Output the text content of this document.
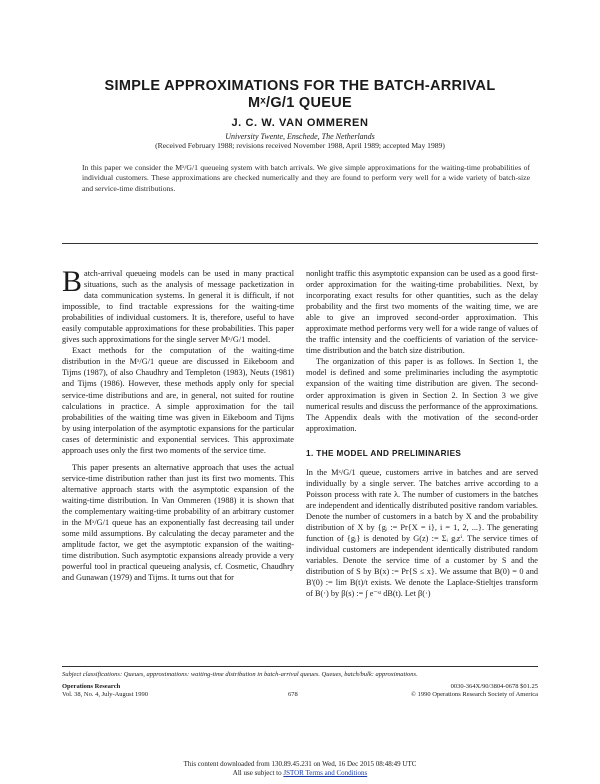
SIMPLE APPROXIMATIONS FOR THE BATCH-ARRIVAL
Mˣ/G/1 QUEUE
J. C. W. VAN OMMEREN
University Twente, Enschede, The Netherlands
(Received February 1988; revisions received November 1988, April 1989; accepted May 1989)
In this paper we consider the Mˣ/G/1 queueing system with batch arrivals. We give simple approximations for the waiting-time probabilities of individual customers. These approximations are checked numerically and they are found to perform very well for a wide variety of batch-size and service-time distributions.

Batch-arrival queueing models can be used in many practical situations, such as the analysis of message packetization in data communication systems. In general it is difficult, if not impossible, to find tractable expressions for the waiting-time probabilities of individual customers. It is, therefore, useful to have easily computable approximations for these probabilities. This paper gives such approximations for the single server Mˣ/G/1 model.

Exact methods for the computation of the waiting-time distribution in the Mˣ/G/1 queue are discussed in Eikeboom and Tijms (1987), of also Chaudhry and Templeton (1983), Neuts (1981) and Tijms (1986). However, these methods apply only for special service-time distributions and are, in general, not suited for routine calculations in practice. A simple approximation for the tail probabilities of the waiting time was given in Eikeboom and Tijms by using interpolation of the asymptotic expansions for the particular cases of deterministic and exponential services. This approximate approach uses only the first two moments of the service time.

This paper presents an alternative approach that uses the actual service-time distribution rather than just its first two moments. This alternative approach starts with the asymptotic expansion of the waiting-time distribution. In Van Ommeren (1988) it is shown that the complementary waiting-time probability of an arbitrary customer in the Mˣ/G/1 queue has an exponentially fast decreasing tail under some mild assumptions. By calculating the decay parameter and the amplitude factor, we get the asymptotic expansion of the waiting-time distribution. Such asymptotic expansions already provide a very powerful tool in practical queueing analysis, cf. Cosmetic, Chaudhry and Gunawan (1979) and Tijms. It turns out that for

nonlight traffic this asymptotic expansion can be used as a good first-order approximation for the waiting-time probabilities. Next, by incorporating exact results for other quantities, such as the delay probability and the first two moments of the waiting time, we are able to give an improved second-order approximation. This approximate method performs very well for a wide range of values of the traffic intensity and the coefficients of variation of the service-time distribution and the batch size distribution.

The organization of this paper is as follows. In Section 1, the model is defined and some preliminaries including the asymptotic expansion of the waiting time distribution are given. The second-order approximation is given in Section 2. In Section 3 we give numerical results and discuss the performance of the approximations. The Appendix deals with the motivation of the second-order approximation.

1. THE MODEL AND PRELIMINARIES

In the Mˣ/G/1 queue, customers arrive in batches and are served individually by a single server. The batches arrive according to a Poisson process with rate λ. The number of customers in the batches are independent and identically distributed positive random variables. Denote the number of customers in a batch by X and the probability distribution of X by {gᵢ := Pr{X = i}, i = 1, 2, ...}. The generating function of {gᵢ} is denoted by G(z) := Σᵢ gᵢzⁱ. The service times of individual customers are independent identically distributed random variables. Denote the service time of a customer by S and the distribution of S by B(x) := Pr{S ≤ x}. We assume that B(0) = 0 and B'(0) := lim B(t)/t exists. We denote the Laplace-Stieltjes transform of B(·) by β(s) := ∫ e⁻ˢᵗ dB(t). Let β(·)

Subject classifications: Queues, approximations: waiting-time distribution in batch-arrival queues. Queues, batch/bulk: approximations.
Operations Research
Vol. 38, No. 4, July-August 1990	678
0030-364X/90/3804-0678 $01.25
© 1990 Operations Research Society of America
This content downloaded from 130.89.45.231 on Wed, 16 Dec 2015 08:48:49 UTC
All use subject to JSTOR Terms and Conditions
